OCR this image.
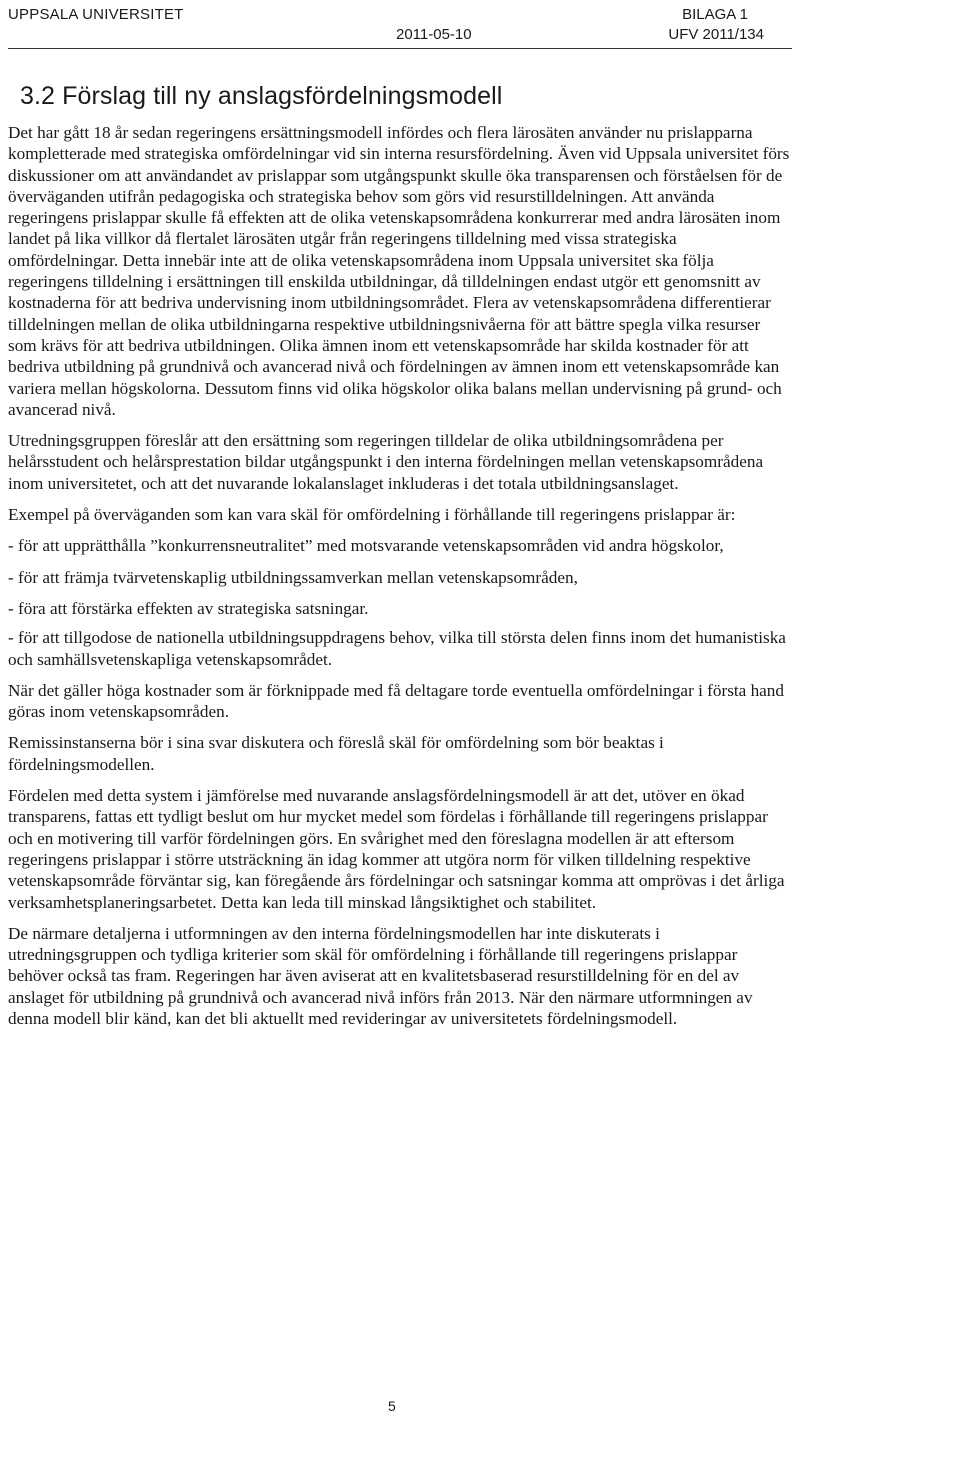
UPPSALA UNIVERSITET
2011-05-10
BILAGA 1
UFV 2011/134
3.2 Förslag till ny anslagsfördelningsmodell

Det har gått 18 år sedan regeringens ersättningsmodell infördes och flera lärosäten använder nu prislapparna kompletterade med strategiska omfördelningar vid sin interna resursfördelning. Även vid Uppsala universitet förs diskussioner om att användandet av prislappar som utgångspunkt skulle öka transparensen och förståelsen för de överväganden utifrån pedagogiska och strategiska behov som görs vid resurstilldelningen. Att använda regeringens prislappar skulle få effekten att de olika vetenskapsområdena konkurrerar med andra lärosäten inom landet på lika villkor då flertalet lärosäten utgår från regeringens tilldelning med vissa strategiska omfördelningar. Detta innebär inte att de olika vetenskapsområdena inom Uppsala universitet ska följa regeringens tilldelning i ersättningen till enskilda utbildningar, då tilldelningen endast utgör ett genomsnitt av kostnaderna för att bedriva undervisning inom utbildningsområdet. Flera av vetenskapsområdena differentierar tilldelningen mellan de olika utbildningarna respektive utbildningsnivåerna för att bättre spegla vilka resurser som krävs för att bedriva utbildningen. Olika ämnen inom ett vetenskapsområde har skilda kostnader för att bedriva utbildning på grundnivå och avancerad nivå och fördelningen av ämnen inom ett vetenskapsområde kan variera mellan högskolorna. Dessutom finns vid olika högskolor olika balans mellan undervisning på grund- och avancerad nivå.

Utredningsgruppen föreslår att den ersättning som regeringen tilldelar de olika utbildningsområdena per helårsstudent och helårsprestation bildar utgångspunkt i den interna fördelningen mellan vetenskapsområdena inom universitetet, och att det nuvarande lokalanslaget inkluderas i det totala utbildningsanslaget.

Exempel på överväganden som kan vara skäl för omfördelning i förhållande till regeringens prislappar är:

- för att upprätthålla ”konkurrensneutralitet” med motsvarande vetenskapsområden vid andra högskolor,

- för att främja tvärvetenskaplig utbildningssamverkan mellan vetenskapsområden,

- föra att förstärka effekten av strategiska satsningar.

- för att tillgodose de nationella utbildningsuppdragens behov, vilka till största delen finns inom det humanistiska och samhällsvetenskapliga vetenskapsområdet.

När det gäller höga kostnader som är förknippade med få deltagare torde eventuella omfördelningar i första hand göras inom vetenskapsområden.

Remissinstanserna bör i sina svar diskutera och föreslå skäl för omfördelning som bör beaktas i fördelningsmodellen.

Fördelen med detta system i jämförelse med nuvarande anslagsfördelningsmodell är att det, utöver en ökad transparens, fattas ett tydligt beslut om hur mycket medel som fördelas i förhållande till regeringens prislappar och en motivering till varför fördelningen görs. En svårighet med den föreslagna modellen är att eftersom regeringens prislappar i större utsträckning än idag kommer att utgöra norm för vilken tilldelning respektive vetenskapsområde förväntar sig, kan föregående års fördelningar och satsningar komma att omprövas i det årliga verksamhetsplaneringsarbetet. Detta kan leda till minskad långsiktighet och stabilitet.

De närmare detaljerna i utformningen av den interna fördelningsmodellen har inte diskuterats i utredningsgruppen och tydliga kriterier som skäl för omfördelning i förhållande till regeringens prislappar behöver också tas fram. Regeringen har även aviserat att en kvalitetsbaserad resurstilldelning för en del av anslaget för utbildning på grundnivå och avancerad nivå införs från 2013. När den närmare utformningen av denna modell blir känd, kan det bli aktuellt med revideringar av universitetets fördelningsmodell.

5
